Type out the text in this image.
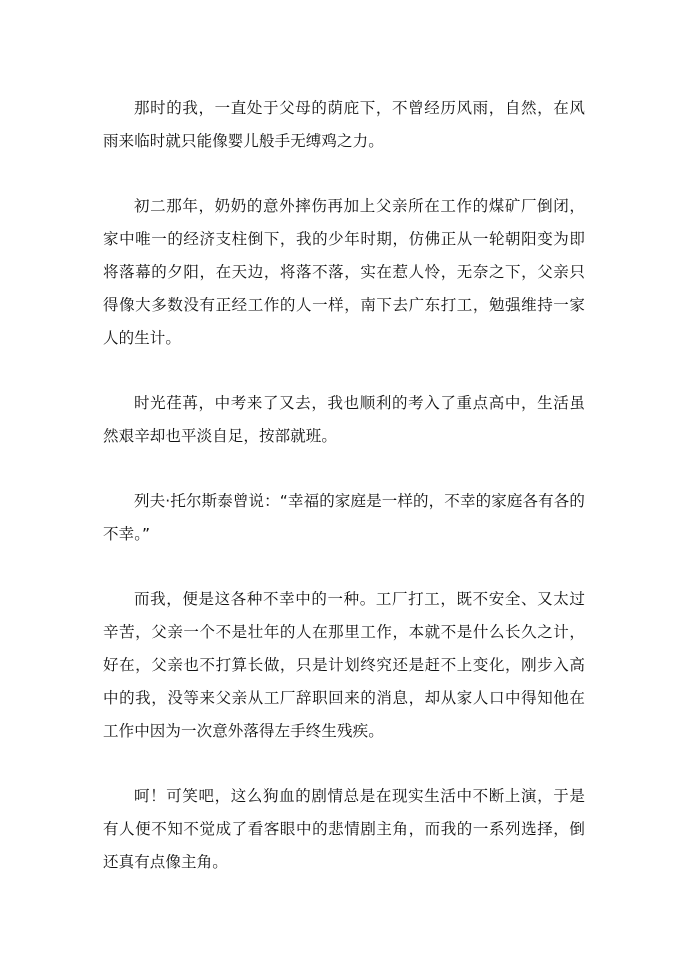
那时的我，一直处于父母的荫庇下，不曾经历风雨，自然，在风雨来临时就只能像婴儿般手无缚鸡之力。

初二那年，奶奶的意外摔伤再加上父亲所在工作的煤矿厂倒闭，家中唯一的经济支柱倒下，我的少年时期，仿佛正从一轮朝阳变为即将落幕的夕阳，在天边，将落不落，实在惹人怜，无奈之下，父亲只得像大多数没有正经工作的人一样，南下去广东打工，勉强维持一家人的生计。

时光荏苒，中考来了又去，我也顺利的考入了重点高中，生活虽然艰辛却也平淡自足，按部就班。

列夫·托尔斯泰曾说：“幸福的家庭是一样的，不幸的家庭各有各的不幸。”

而我，便是这各种不幸中的一种。工厂打工，既不安全、又太过辛苦，父亲一个不是壮年的人在那里工作，本就不是什么长久之计，好在，父亲也不打算长做，只是计划终究还是赶不上变化，刚步入高中的我，没等来父亲从工厂辞职回来的消息，却从家人口中得知他在工作中因为一次意外落得左手终生残疾。

呵！可笑吧，这么狗血的剧情总是在现实生活中不断上演，于是有人便不知不觉成了看客眼中的悲情剧主角，而我的一系列选择，倒还真有点像主角。
